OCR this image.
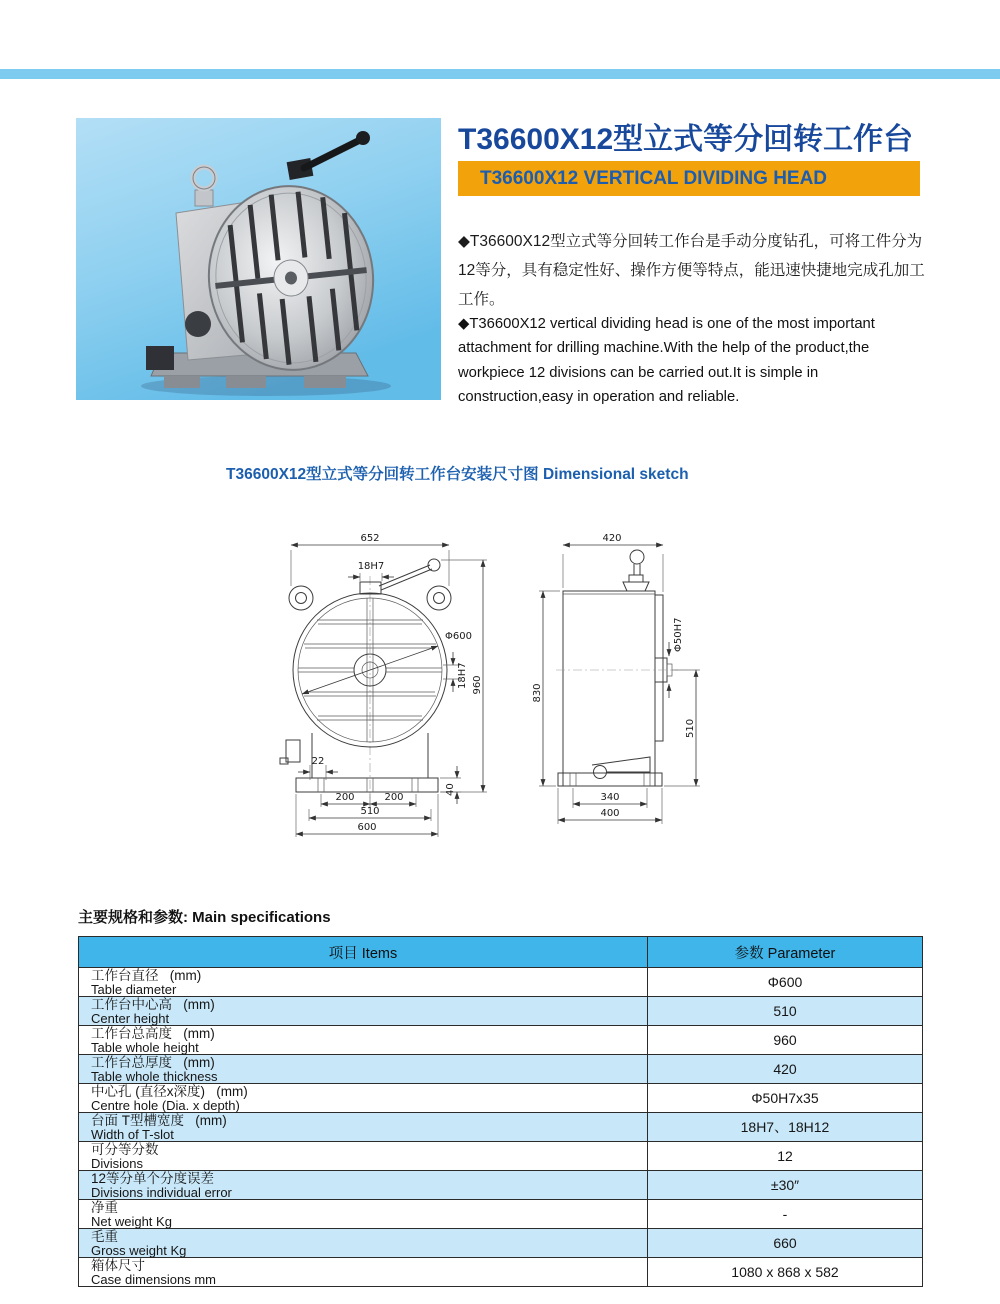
T36600X12型立式等分回转工作台
T36600X12 VERTICAL DIVIDING HEAD

◆T36600X12型立式等分回转工作台是手动分度钻孔，可将工件分为12等分，具有稳定性好、操作方便等特点，能迅速快捷地完成孔加工工作。

◆T36600X12 vertical dividing head is one of the most important attachment for drilling machine.With the help of the product,the workpiece 12 divisions can be carried out.It is simple in construction,easy in operation and reliable.

T36600X12型立式等分回转工作台安装尺寸图 Dimensional sketch
652
18H7
Φ600
18H7 960
22
200	200
510
600
40
420
830
Φ50H7
510
340
400
主要规格和参数: Main specifications
项目 Items	参数 Parameter

工作台直径   (mm)
Table diameter	Φ600

工作台中心高   (mm)
Center height	510

工作台总高度   (mm)
Table whole height	960

工作台总厚度   (mm)
Table whole thickness	420

中心孔 (直径x深度)   (mm)
Centre hole (Dia. x depth)	Φ50H7x35

台面 T型槽宽度   (mm)
Width of T-slot	18H7、18H12

可分等分数
Divisions	12

12等分单个分度误差
Divisions individual error	±30″

净重
Net weight Kg	-

毛重
Gross weight Kg	660

箱体尺寸
Case dimensions mm	1080 x 868 x 582
